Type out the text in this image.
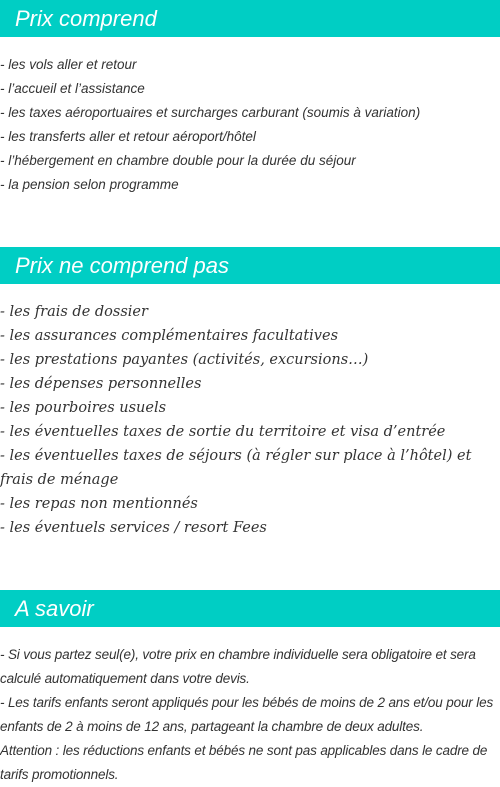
Prix comprend
- les vols aller et retour
- l’accueil et l’assistance
- les taxes aéroportuaires et surcharges carburant (soumis à variation)
- les transferts aller et retour aéroport/hôtel
- l’hébergement en chambre double pour la durée du séjour
- la pension selon programme
Prix ne comprend pas
- les frais de dossier
- les assurances complémentaires facultatives
- les prestations payantes (activités, excursions…)
- les dépenses personnelles
- les pourboires usuels
- les éventuelles taxes de sortie du territoire et visa d’entrée
- les éventuelles taxes de séjours (à régler sur place à l’hôtel) et frais de ménage
- les repas non mentionnés
- les éventuels services / resort Fees
A savoir
- Si vous partez seul(e), votre prix en chambre individuelle sera obligatoire et sera calculé automatiquement dans votre devis.
- Les tarifs enfants seront appliqués pour les bébés de moins de 2 ans et/ou pour les enfants de 2 à moins de 12 ans, partageant la chambre de deux adultes.
Attention : les réductions enfants et bébés ne sont pas applicables dans le cadre de tarifs promotionnels.
